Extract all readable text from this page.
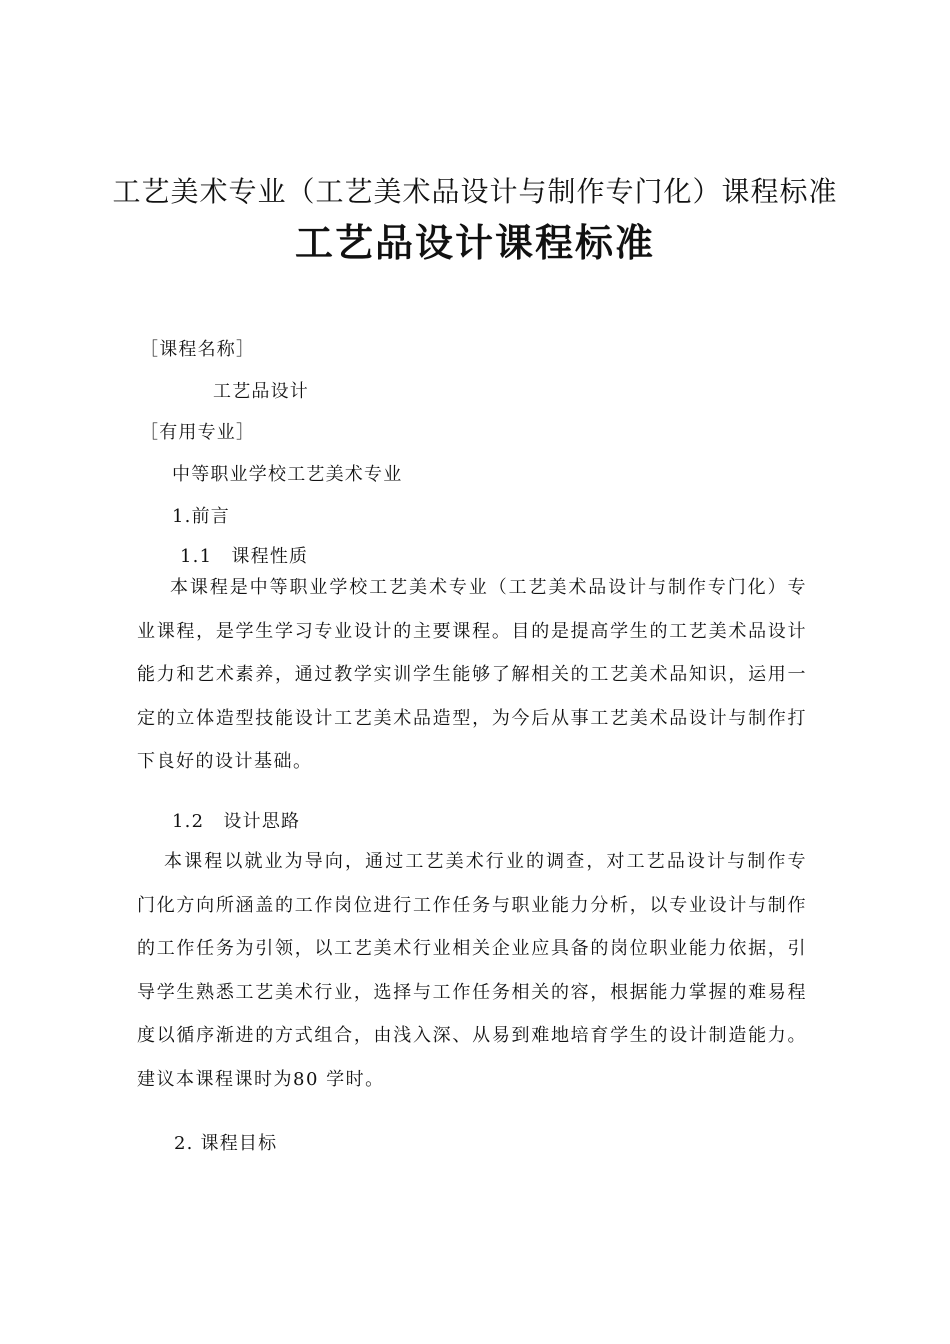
工艺美术专业（工艺美术品设计与制作专门化）课程标准
工艺品设计课程标准
［课程名称］
工艺品设计
［有用专业］
中等职业学校工艺美术专业
1.前言
1.1　课程性质
本课程是中等职业学校工艺美术专业（工艺美术品设计与制作专门化）专业课程，是学生学习专业设计的主要课程。目的是提高学生的工艺美术品设计能力和艺术素养，通过教学实训学生能够了解相关的工艺美术品知识，运用一定的立体造型技能设计工艺美术品造型，为今后从事工艺美术品设计与制作打下良好的设计基础。
1.2　设计思路
本课程以就业为导向，通过工艺美术行业的调查，对工艺品设计与制作专门化方向所涵盖的工作岗位进行工作任务与职业能力分析，以专业设计与制作的工作任务为引领，以工艺美术行业相关企业应具备的岗位职业能力依据，引导学生熟悉工艺美术行业，选择与工作任务相关的容，根据能力掌握的难易程度以循序渐进的方式组合，由浅入深、从易到难地培育学生的设计制造能力。建议本课程课时为80 学时。
2. 课程目标
